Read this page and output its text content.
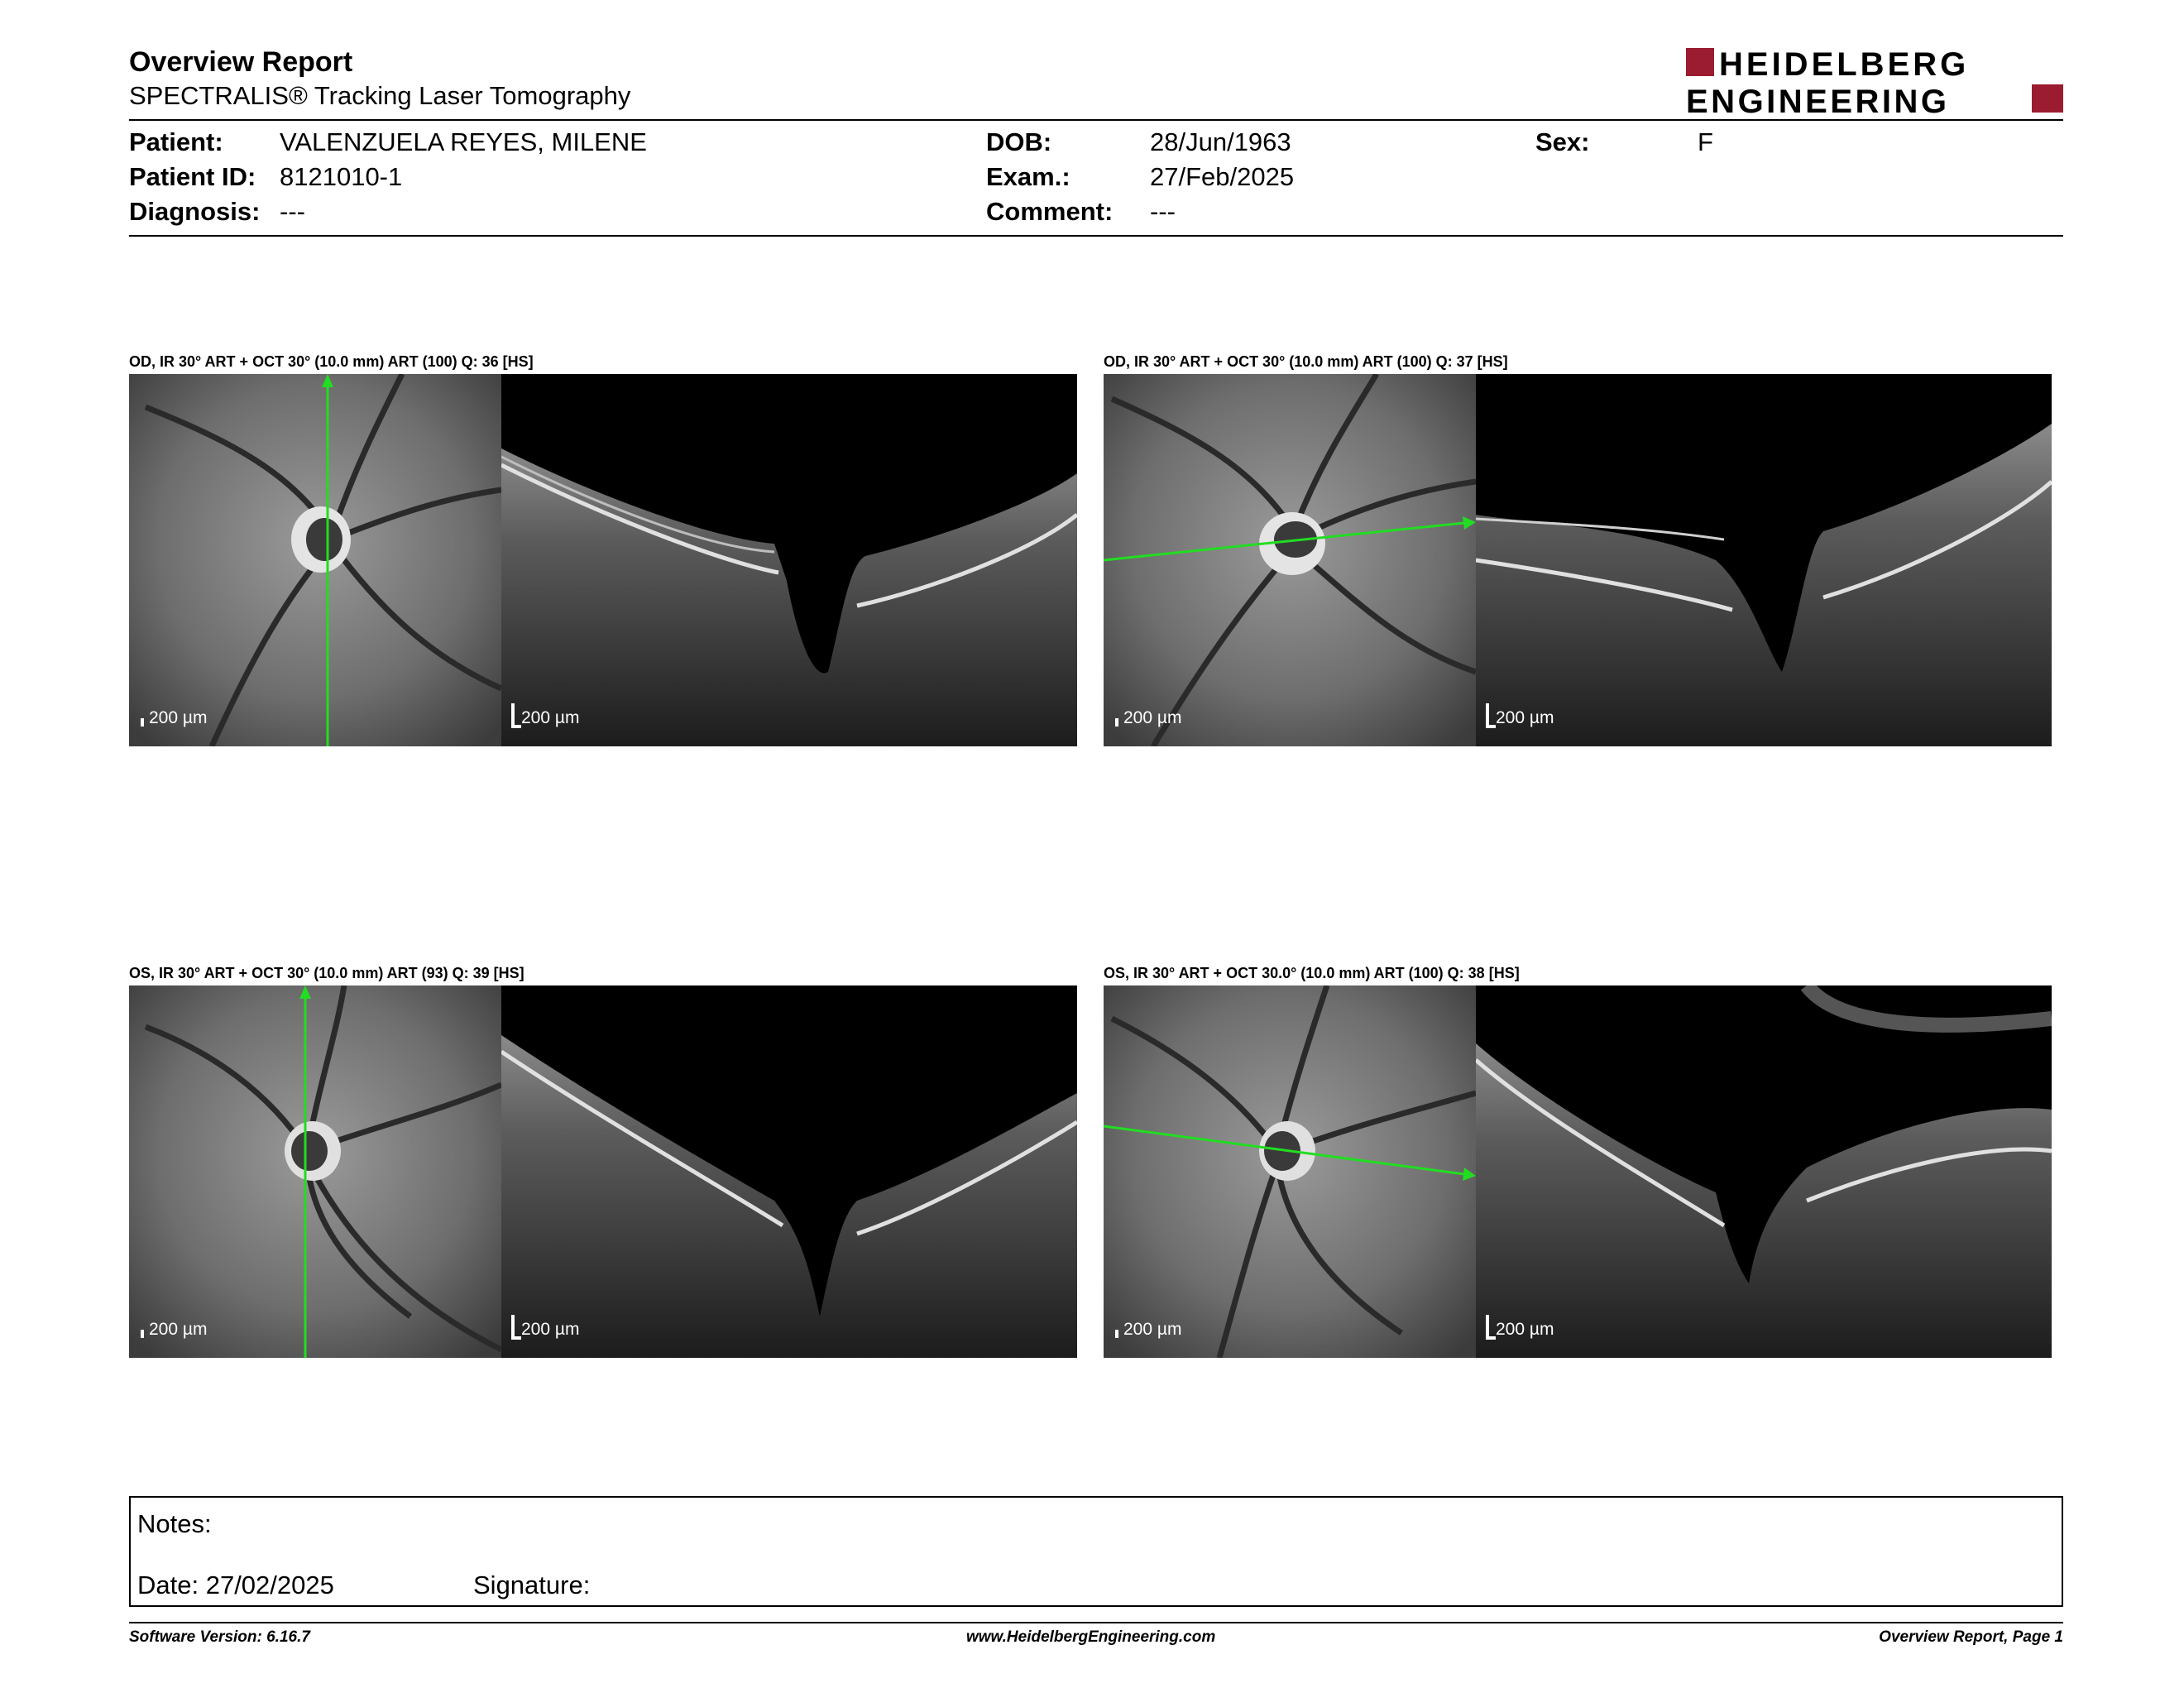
Overview Report
SPECTRALIS® Tracking Laser Tomography
HEIDELBERG
ENGINEERING
Patient: VALENZUELA REYES, MILENE
Patient ID: 8121010-1
Diagnosis: ---
DOB:	28/Jun/1963
Exam.:	27/Feb/2025
Comment: ---
Sex:	F
OD, IR 30° ART + OCT 30° (10.0 mm) ART (100) Q: 36 [HS]
200 µm	200 µm
OD, IR 30° ART + OCT 30° (10.0 mm) ART (100) Q: 37 [HS]
200 µm	200 µm
OS, IR 30° ART + OCT 30° (10.0 mm) ART (93) Q: 39 [HS]
200 µm	200 µm
OS, IR 30° ART + OCT 30.0° (10.0 mm) ART (100) Q: 38 [HS]
200 µm	200 µm
Notes:
Date: 27/02/2025	Signature:
Software Version: 6.16.7	www.HeidelbergEngineering.com	Overview Report, Page 1
